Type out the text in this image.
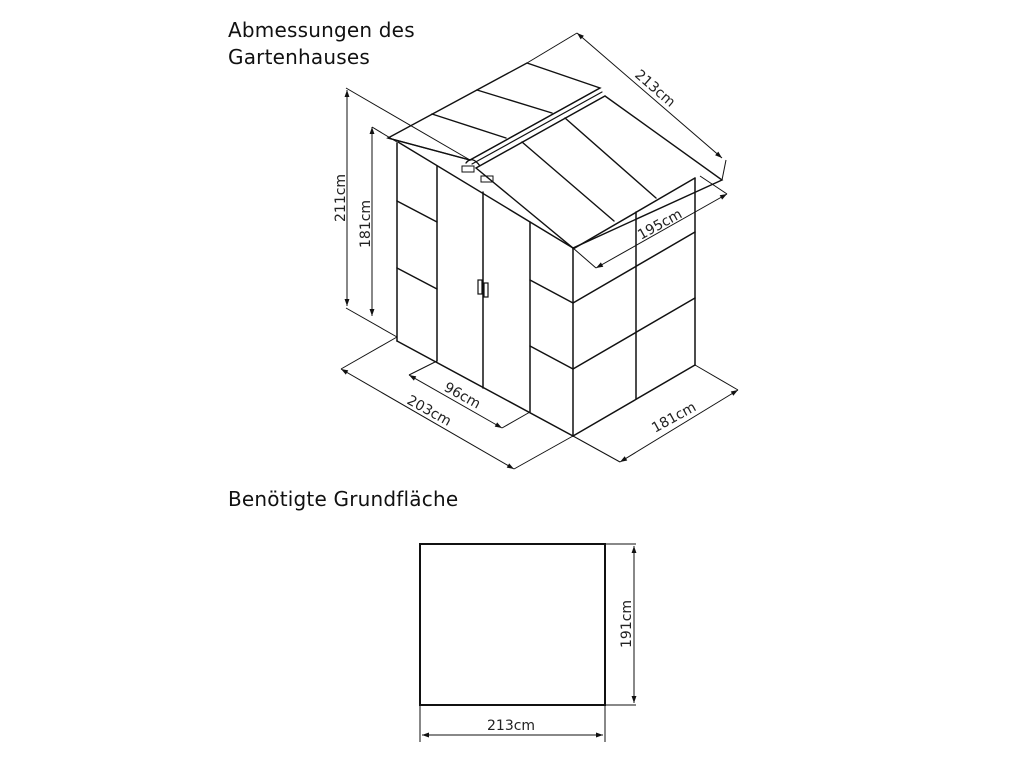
Abmessungen des Gartenhauses
Benötigte Grundfläche
213cm
195cm
211cm
181cm
96cm
203cm	181cm
191cm
213cm
